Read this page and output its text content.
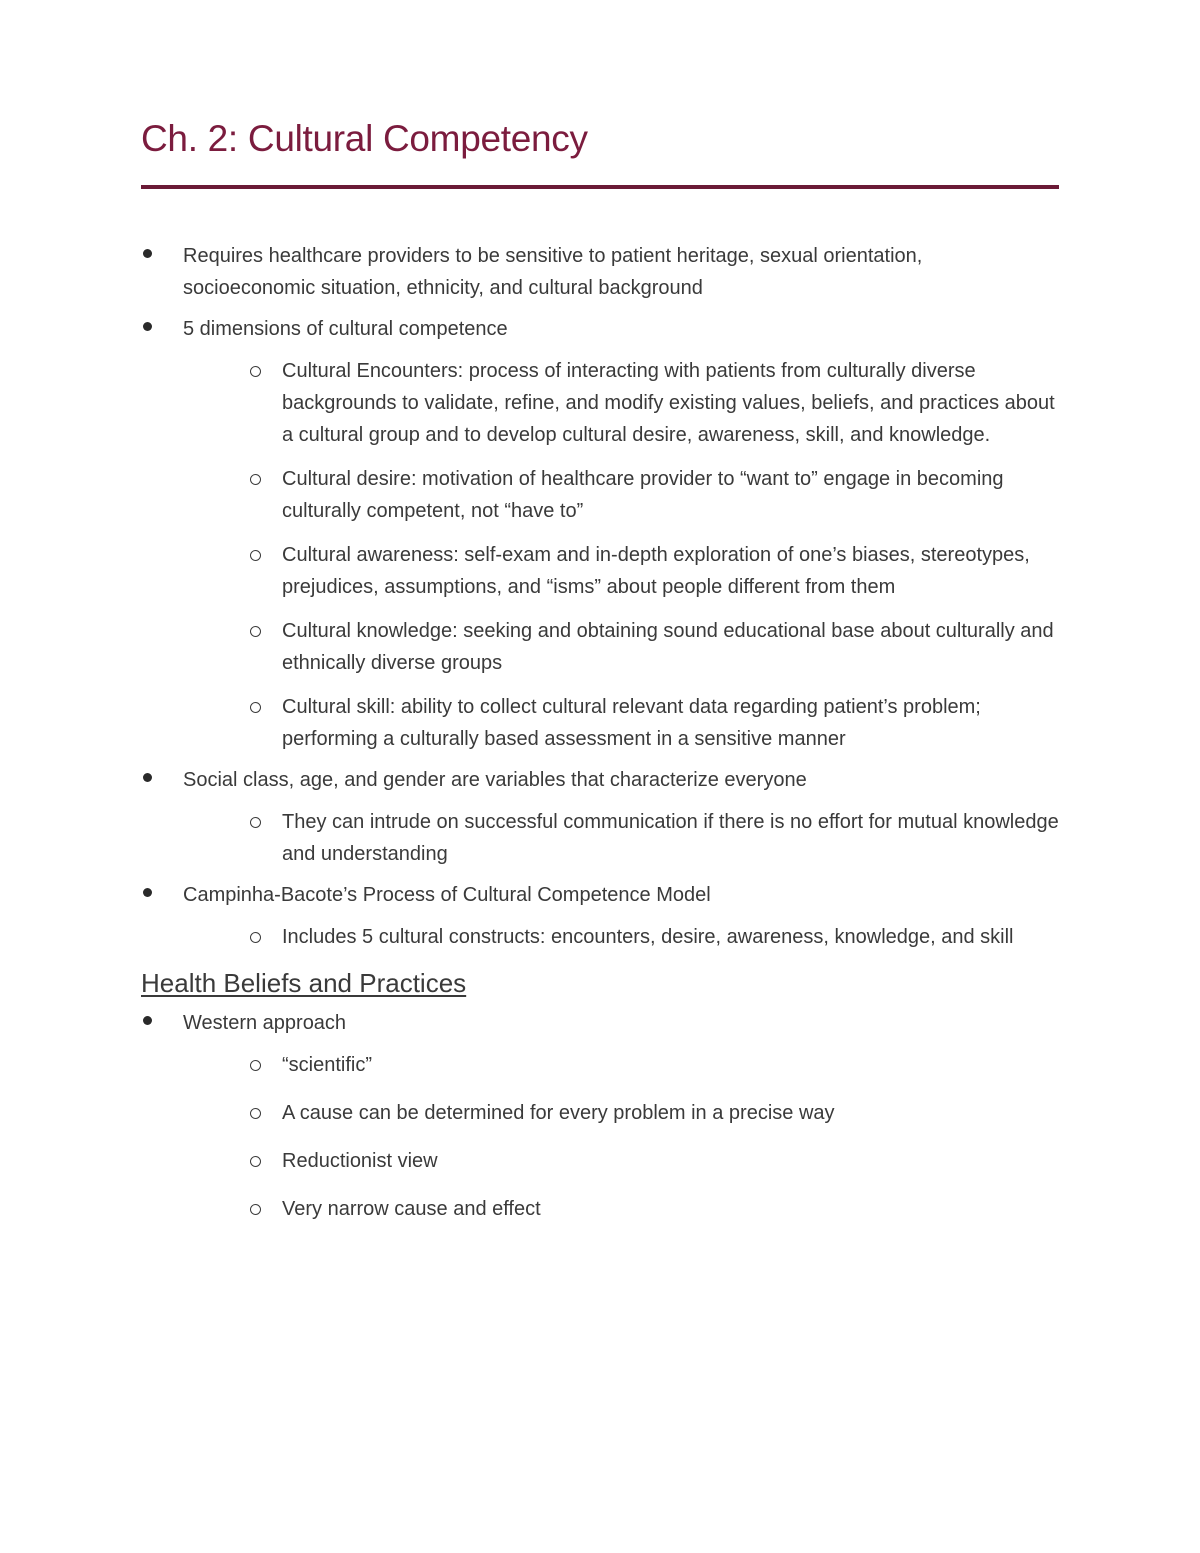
Ch. 2: Cultural Competency
Requires healthcare providers to be sensitive to patient heritage, sexual orientation, socioeconomic situation, ethnicity, and cultural background
5 dimensions of cultural competence
Cultural Encounters: process of interacting with patients from culturally diverse backgrounds to validate, refine, and modify existing values, beliefs, and practices about a cultural group and to develop cultural desire, awareness, skill, and knowledge.
Cultural desire: motivation of healthcare provider to “want to” engage in becoming culturally competent, not “have to”
Cultural awareness: self-exam and in-depth exploration of one’s biases, stereotypes, prejudices, assumptions, and “isms” about people different from them
Cultural knowledge: seeking and obtaining sound educational base about culturally and ethnically diverse groups
Cultural skill: ability to collect cultural relevant data regarding patient’s problem; performing a culturally based assessment in a sensitive manner
Social class, age, and gender are variables that characterize everyone
They can intrude on successful communication if there is no effort for mutual knowledge and understanding
Campinha-Bacote’s Process of Cultural Competence Model
Includes 5 cultural constructs: encounters, desire, awareness, knowledge, and skill
Health Beliefs and Practices
Western approach
“scientific”
A cause can be determined for every problem in a precise way
Reductionist view
Very narrow cause and effect
